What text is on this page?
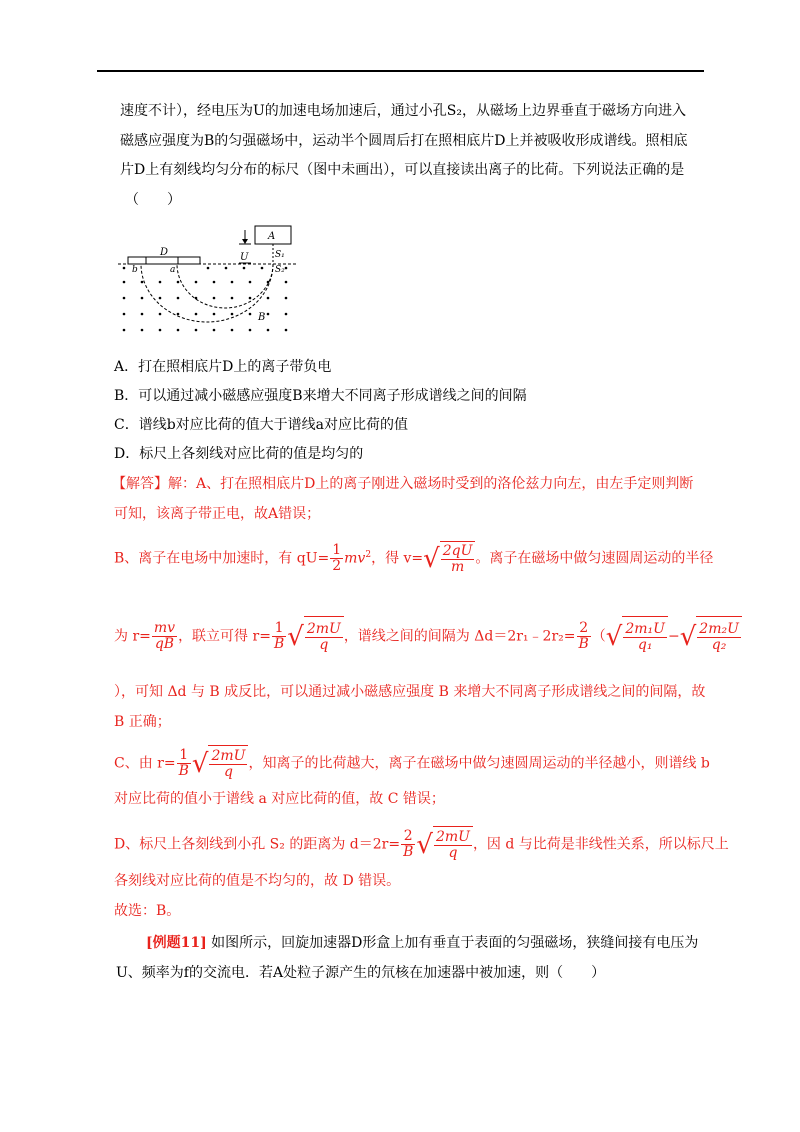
速度不计），经电压为U的加速电场加速后，通过小孔S₂，从磁场上边界垂直于磁场方向进入
磁感应强度为B的匀强磁场中，运动半个圆周后打在照相底片D上并被吸收形成谱线。照相底
片D上有刻线均匀分布的标尺（图中未画出），可以直接读出离子的比荷。下列说法正确的是
（　　）
D
A
U	S₁
S₂
b	a
B
A．打在照相底片D上的离子带负电
B．可以通过减小磁感应强度B来增大不同离子形成谱线之间的间隔
C．谱线b对应比荷的值大于谱线a对应比荷的值
D．标尺上各刻线对应比荷的值是均匀的
【解答】解：A、打在照相底片D上的离子刚进入磁场时受到的洛伦兹力向左，由左手定则判断
可知，该离子带正电，故A错误；
B、离子在电场中加速时，有 $qU= \frac{1}{2} mv^2$，得 $v=√ \frac{2qU}{m}$ 。离子在磁场中做匀速圆周运动的半径
为 $r= \frac{mv}{qB}$ ，联立可得 $r= \frac{1}{B}$ √ $\frac{2mU}{q}$ ，谱线之间的间隔为 Δd＝2r₁﹣2r₂= $\frac{2}{B}$ （√ $\frac{\text{2m₁U}}{\text{q₁}}$ −√ $\frac{\text{2m₂U}}{\text{q₂}}$
），可知 Δd 与 B 成反比，可以通过减小磁感应强度 B 来增大不同离子形成谱线之间的间隔，故
B 正确；
C、由 $r= \frac{1}{B}$ √ $\frac{2mU}{q}$ ，知离子的比荷越大，离子在磁场中做匀速圆周运动的半径越小，则谱线 b
对应比荷的值小于谱线 a 对应比荷的值，故 C 错误；
D、标尺上各刻线到小孔 S₂ 的距离为 $d=2r= \frac{2}{B}$ √ $\frac{2mU}{q}$ ，因 d 与比荷是非线性关系，所以标尺上
各刻线对应比荷的值是不均匀的，故 D 错误。
故选：B。
[例题11] 如图所示，回旋加速器D形盒上加有垂直于表面的匀强磁场，狭缝间接有电压为
U、频率为f的交流电．若A处粒子源产生的氘核在加速器中被加速，则（　　）
